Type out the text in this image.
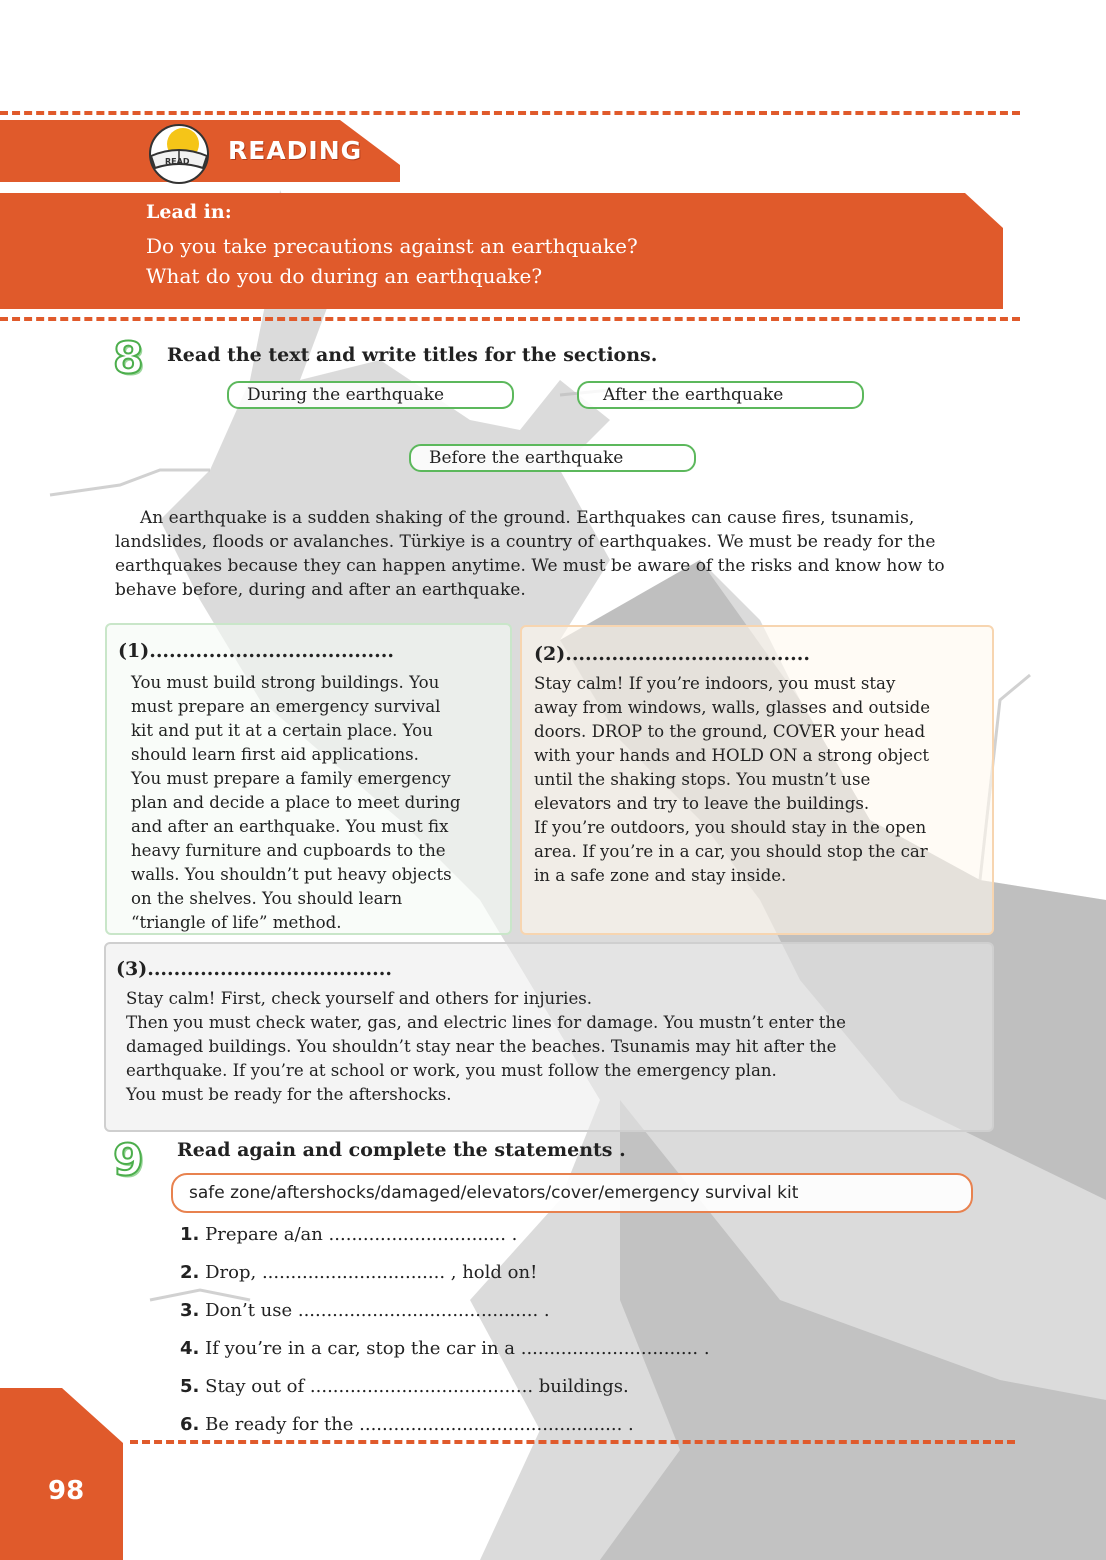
READ READING
Lead in:
Do you take precautions against an earthquake?
What do you do during an earthquake?
8 Read the text and write titles for the sections.
During the earthquake	After the earthquake
Before the earthquake
An earthquake is a sudden shaking of the ground. Earthquakes can cause fires, tsunamis, landslides, floods or avalanches. Türkiye is a country of earthquakes. We must be ready for the earthquakes because they can happen anytime. We must be aware of the risks and know how to behave before, during and after an earthquake.
(1).....................................
You must build strong buildings. You
must prepare an emergency survival
kit and put it at a certain place. You
should learn first aid applications.
You must prepare a family emergency
plan and decide a place to meet during
and after an earthquake. You must fix
heavy furniture and cupboards to the
walls. You shouldn’t put heavy objects
on the shelves. You should learn
“triangle of life” method.
(2).....................................
Stay calm! If you’re indoors, you must stay
away from windows, walls, glasses and outside
doors. DROP to the ground, COVER your head
with your hands and HOLD ON a strong object
until the shaking stops. You mustn’t use
elevators and try to leave the buildings.
If you’re outdoors, you should stay in the open
area. If you’re in a car, you should stop the car
in a safe zone and stay inside.
(3).....................................
Stay calm! First, check yourself and others for injuries.
Then you must check water, gas, and electric lines for damage. You mustn’t enter the
damaged buildings. You shouldn’t stay near the beaches. Tsunamis may hit after the
earthquake. If you’re at school or work, you must follow the emergency plan.
You must be ready for the aftershocks.
9 Read again and complete the statements .
safe zone/aftershocks/damaged/elevators/cover/emergency survival kit
1. Prepare a/an ............................... .
2. Drop, ................................ , hold on!
3. Don’t use .......................................... .
4. If you’re in a car, stop the car in a ............................... .
5. Stay out of ....................................... buildings.
6. Be ready for the .............................................. .
98
